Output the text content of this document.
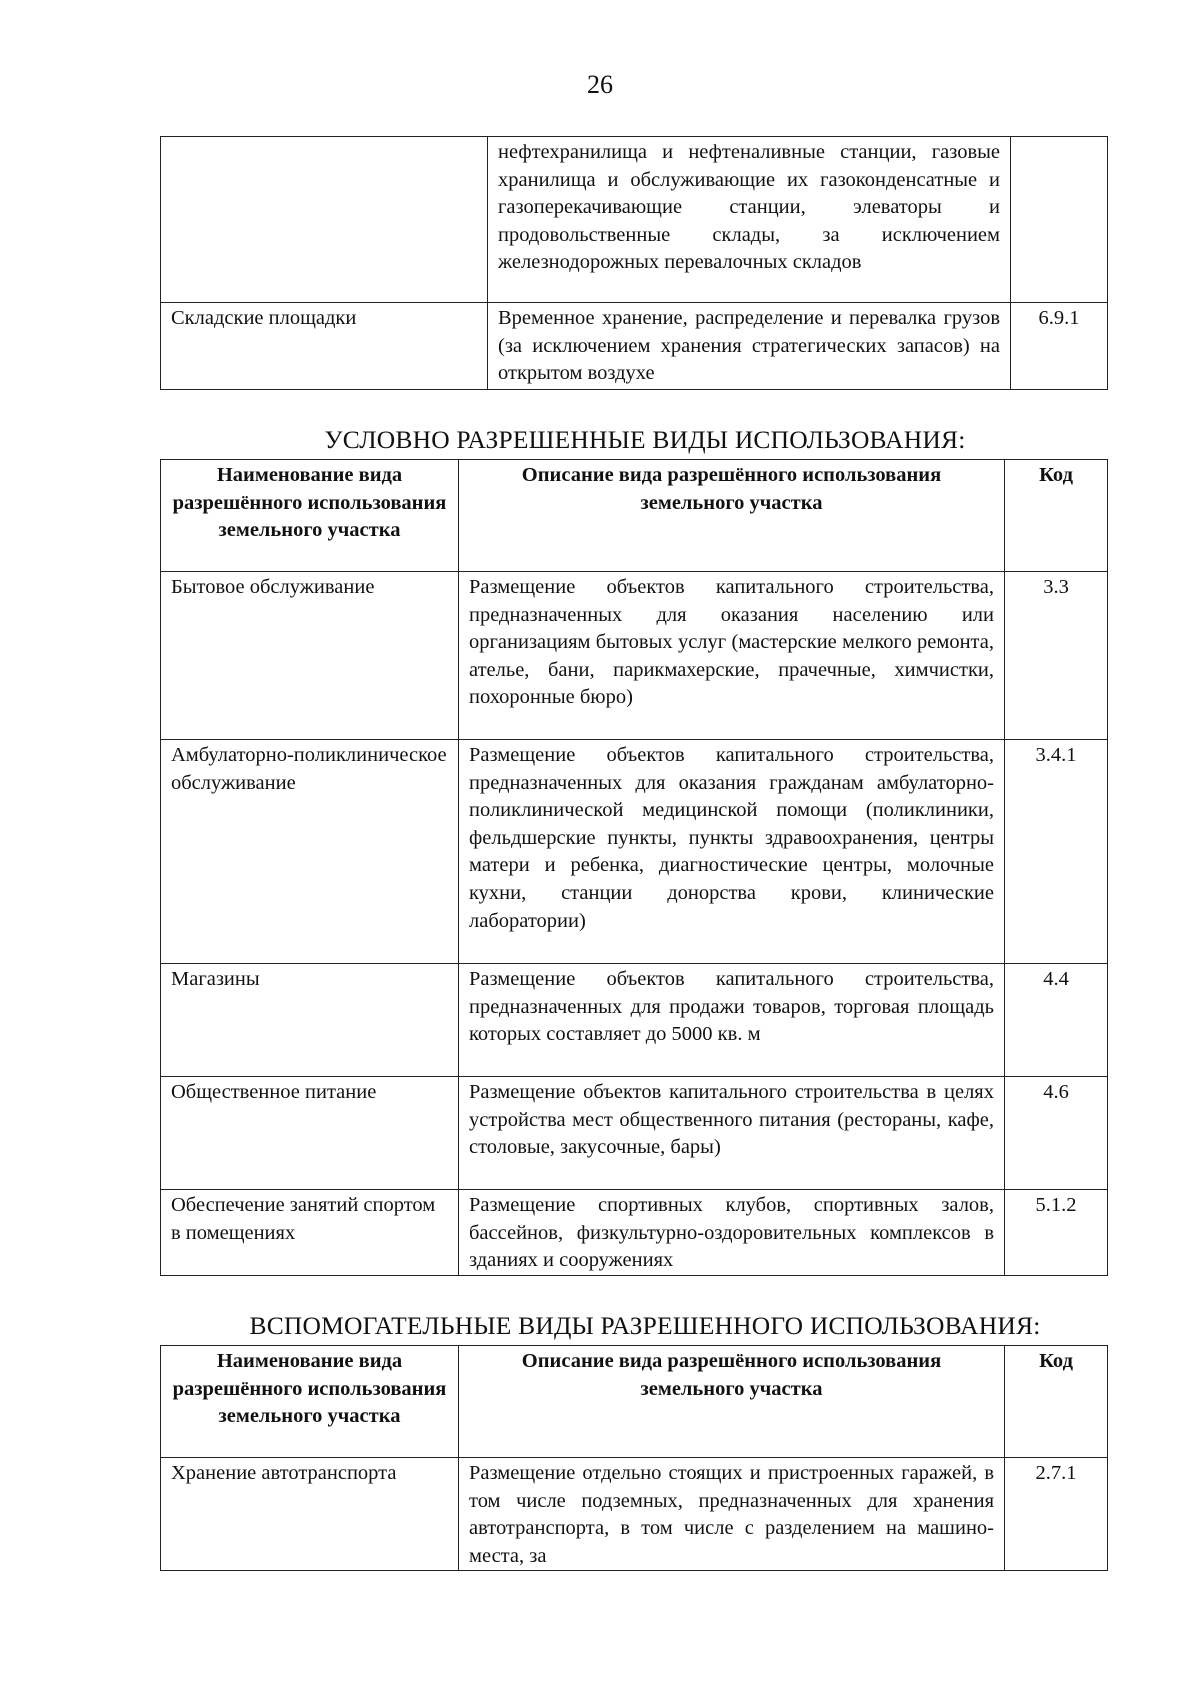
26
	нефтехранилища и нефтеналивные станции, газовые хранилища и обслуживающие их газоконденсатные и газоперекачивающие станции, элеваторы и продовольственные склады, за исключением железнодорожных перевалочных складов	
Складские площадки	Временное хранение, распределение и перевалка грузов (за исключением хранения стратегических запасов) на открытом воздухе	6.9.1
УСЛОВНО РАЗРЕШЕННЫЕ ВИДЫ ИСПОЛЬЗОВАНИЯ:
Наименование вида разрешённого использования земельного участка	Описание вида разрешённого использования земельного участка	Код
Бытовое обслуживание	Размещение объектов капитального строительства, предназначенных для оказания населению или организациям бытовых услуг (мастерские мелкого ремонта, ателье, бани, парикмахерские, прачечные, химчистки, похоронные бюро)	3.3
Амбулаторно-поликлиническое обслуживание	Размещение объектов капитального строительства, предназначенных для оказания гражданам амбулаторно-поликлинической медицинской помощи (поликлиники, фельдшерские пункты, пункты здравоохранения, центры матери и ребенка, диагностические центры, молочные кухни, станции донорства крови, клинические лаборатории)	3.4.1
Магазины	Размещение объектов капитального строительства, предназначенных для продажи товаров, торговая площадь которых составляет до 5000 кв. м	4.4
Общественное питание	Размещение объектов капитального строительства в целях устройства мест общественного питания (рестораны, кафе, столовые, закусочные, бары)	4.6
Обеспечение занятий спортом в помещениях	Размещение спортивных клубов, спортивных залов, бассейнов, физкультурно-оздоровительных комплексов в зданиях и сооружениях	5.1.2
ВСПОМОГАТЕЛЬНЫЕ ВИДЫ РАЗРЕШЕННОГО ИСПОЛЬЗОВАНИЯ:
Наименование вида разрешённого использования земельного участка	Описание вида разрешённого использования земельного участка	Код
Хранение автотранспорта	Размещение отдельно стоящих и пристроенных гаражей, в том числе подземных, предназначенных для хранения автотранспорта, в том числе с разделением на машино-места, за	2.7.1
